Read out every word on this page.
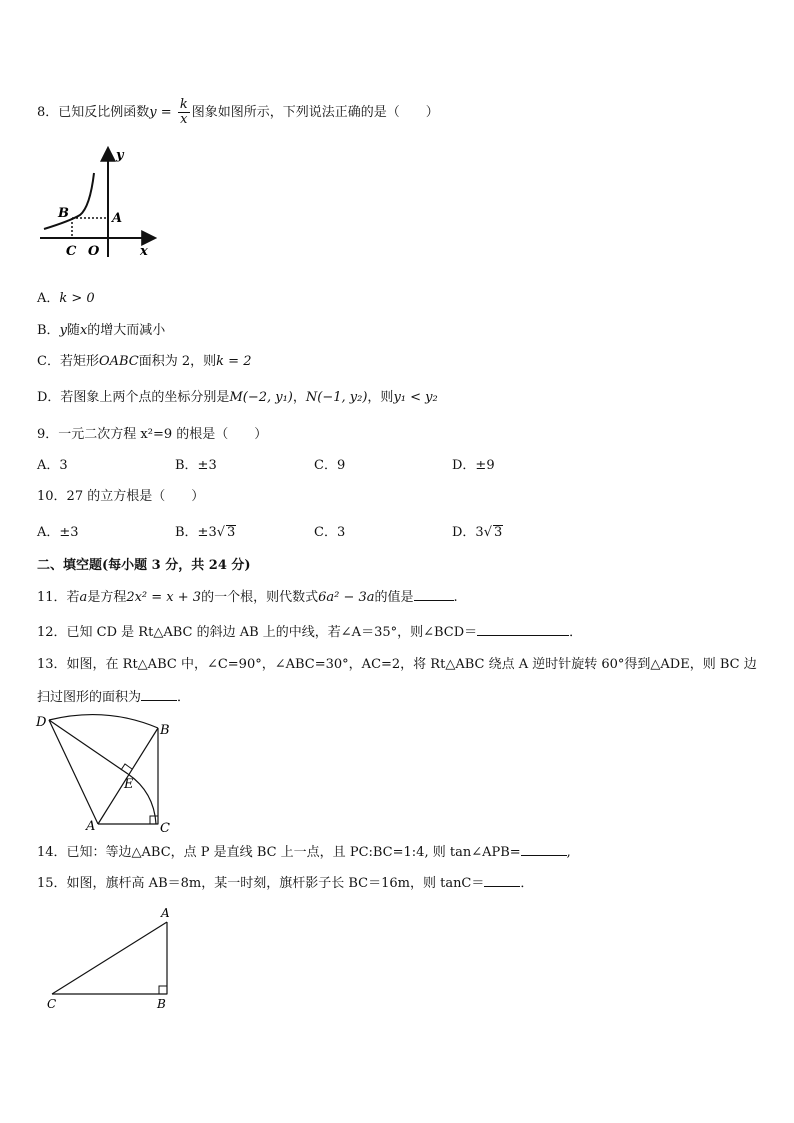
8．已知反比例函数$y = \frac{k}{x}$ 图象如图所示，下列说法正确的是（　　）
y
x
B	A
C O
A．k > 0
B．y随x的增大而减小
C．若矩形OABC面积为 2，则k = 2
D．若图象上两个点的坐标分别是M(−2, y₁)，N(−1, y₂)，则y₁ < y₂
9．一元二次方程 x²=9 的根是（　　）
A．3	B．±3	C．9	D．±9
10．27 的立方根是（　　）
A．±3	B．±3√ 3	C．3	D．3√ 3
二、填空题(每小题 3 分，共 24 分)
11．若a是方程2x² = x + 3的一个根，则代数式6a² − 3a的值是	.
12．已知 CD 是 Rt△ABC 的斜边 AB 上的中线，若∠A＝35°，则∠BCD＝	．
13．如图，在 Rt△ABC 中，∠C=90°，∠ABC=30°，AC=2，将 Rt△ABC 绕点 A 逆时针旋转 60°得到△ADE，则 BC 边
扫过图形的面积为	．
D
B
E
A	C
14．已知：等边△ABC，点 P 是直线 BC 上一点，且 PC:BC=1:4, 则 tan∠APB=	,
15．如图，旗杆高 AB＝8m，某一时刻，旗杆影子长 BC＝16m，则 tanC＝	．
A
C	B
